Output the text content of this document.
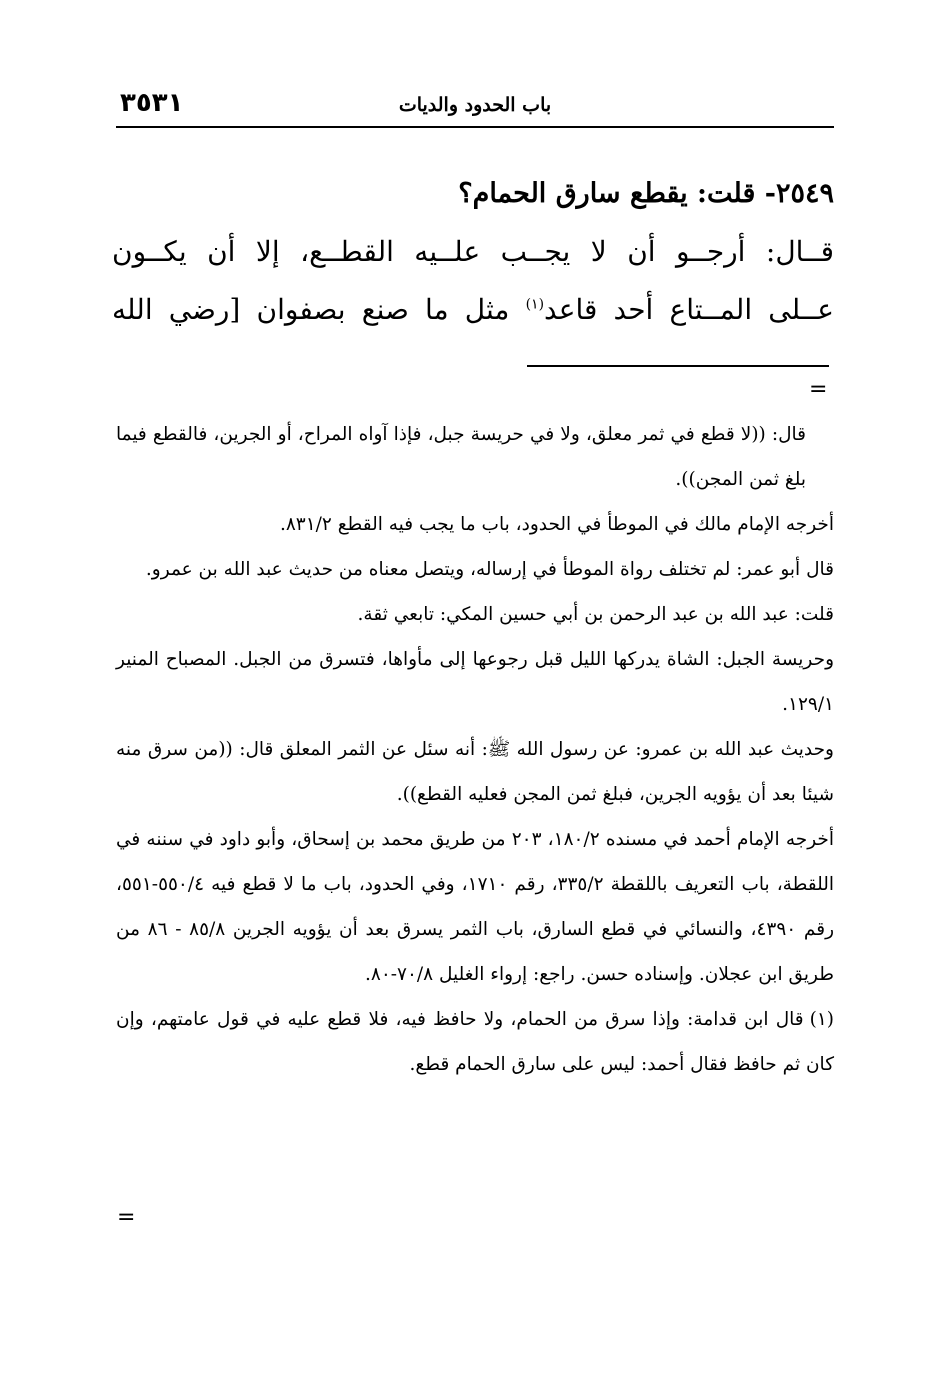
٣٥٣١	باب الحدود والديات
٢٥٤٩- قلت: يقطع سارق الحمام؟
قــال: أرجــو أن لا يجــب علــيه القطــع، إلا أن يكــون
عــلى المــتاع أحد قاعد$^{(١)}$ مثل ما صنع بصفوان [رضي الله
=

قال: ((لا قطع في ثمر معلق، ولا في حريسة جبل، فإذا آواه المراح، أو الجرين، فالقطع فيما بلغ ثمن المجن)).

أخرجه الإمام مالك في الموطأ في الحدود، باب ما يجب فيه القطع ٨٣١/٢.

قال أبو عمر: لم تختلف رواة الموطأ في إرساله، ويتصل معناه من حديث عبد الله بن عمرو.

قلت: عبد الله بن عبد الرحمن بن أبي حسين المكي: تابعي ثقة.

وحريسة الجبل: الشاة يدركها الليل قبل رجوعها إلى مأواها، فتسرق من الجبل. المصباح المنير ١٢٩/١.

وحديث عبد الله بن عمرو: عن رسول الله ﷺ: أنه سئل عن الثمر المعلق قال: ((من سرق منه شيئا بعد أن يؤويه الجرين، فبلغ ثمن المجن فعليه القطع)).

أخرجه الإمام أحمد في مسنده ١٨٠/٢، ٢٠٣ من طريق محمد بن إسحاق، وأبو داود في سننه في اللقطة، باب التعريف باللقطة ٣٣٥/٢، رقم ١٧١٠، وفي الحدود، باب ما لا قطع فيه ٥٥٠/٤-٥٥١، رقم ٤٣٩٠، والنسائي في قطع السارق، باب الثمر يسرق بعد أن يؤويه الجرين ٨٥/٨ - ٨٦ من طريق ابن عجلان. وإسناده حسن. راجع: إرواء الغليل ٧٠/٨-٨٠.

(١)قال ابن قدامة: وإذا سرق من الحمام، ولا حافظ فيه، فلا قطع عليه في قول عامتهم، وإن كان ثم حافظ فقال أحمد: ليس على سارق الحمام قطع.

=
